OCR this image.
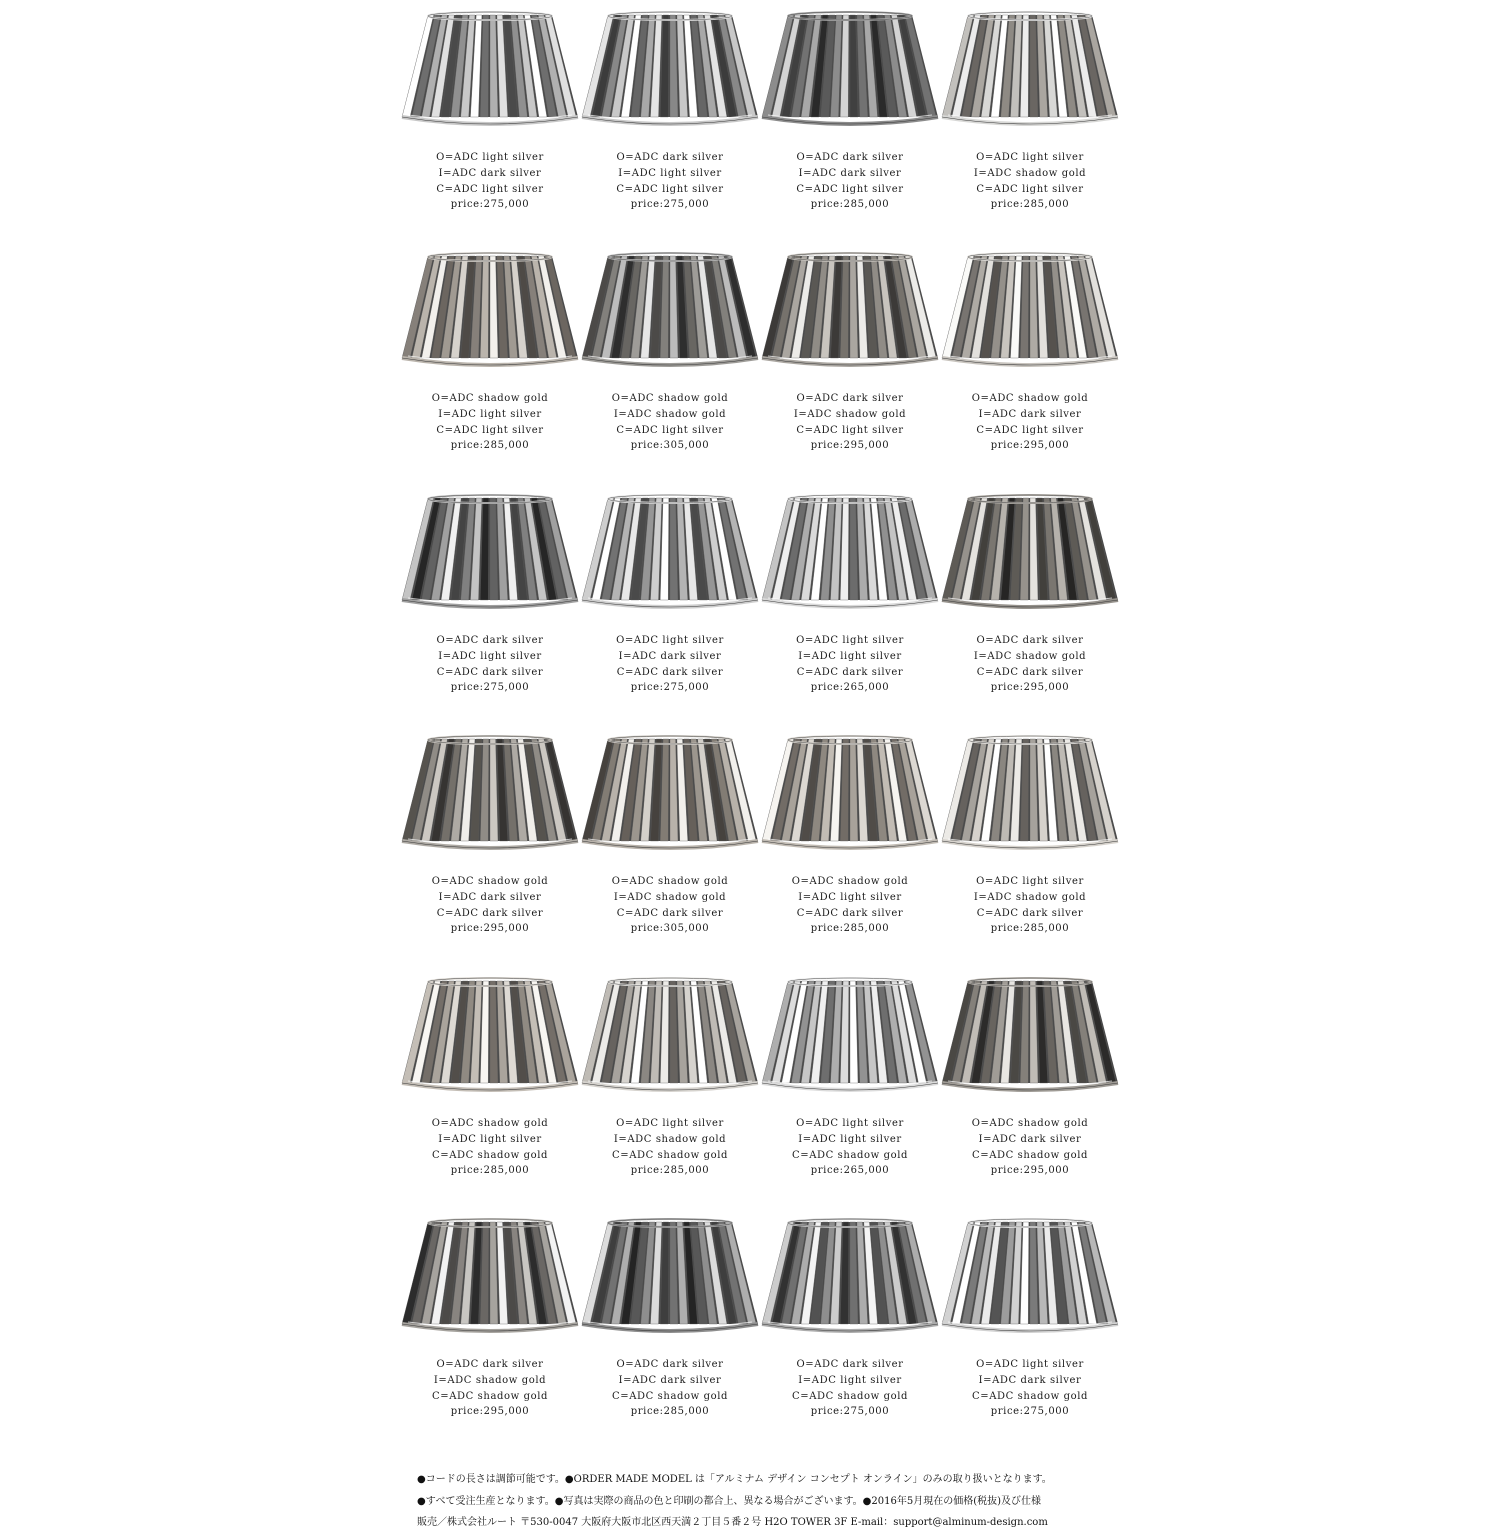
O=ADC light silver
I=ADC dark silver
C=ADC light silver
price:275,000
O=ADC dark silver
I=ADC light silver
C=ADC light silver
price:275,000
O=ADC dark silver
I=ADC dark silver
C=ADC light silver
price:285,000
O=ADC light silver
I=ADC shadow gold
C=ADC light silver
price:285,000
O=ADC shadow gold
I=ADC light silver
C=ADC light silver
price:285,000
O=ADC shadow gold
I=ADC shadow gold
C=ADC light silver
price:305,000
O=ADC dark silver
I=ADC shadow gold
C=ADC light silver
price:295,000
O=ADC shadow gold
I=ADC dark silver
C=ADC light silver
price:295,000
O=ADC dark silver
I=ADC light silver
C=ADC dark silver
price:275,000
O=ADC light silver
I=ADC dark silver
C=ADC dark silver
price:275,000
O=ADC light silver
I=ADC light silver
C=ADC dark silver
price:265,000
O=ADC dark silver
I=ADC shadow gold
C=ADC dark silver
price:295,000
O=ADC shadow gold
I=ADC dark silver
C=ADC dark silver
price:295,000
O=ADC shadow gold
I=ADC shadow gold
C=ADC dark silver
price:305,000
O=ADC shadow gold
I=ADC light silver
C=ADC dark silver
price:285,000
O=ADC light silver
I=ADC shadow gold
C=ADC dark silver
price:285,000
O=ADC shadow gold
I=ADC light silver
C=ADC shadow gold
price:285,000
O=ADC light silver
I=ADC shadow gold
C=ADC shadow gold
price:285,000
O=ADC light silver
I=ADC light silver
C=ADC shadow gold
price:265,000
O=ADC shadow gold
I=ADC dark silver
C=ADC shadow gold
price:295,000
O=ADC dark silver
I=ADC shadow gold
C=ADC shadow gold
price:295,000
O=ADC dark silver
I=ADC dark silver
C=ADC shadow gold
price:285,000
O=ADC dark silver
I=ADC light silver
C=ADC shadow gold
price:275,000
O=ADC light silver
I=ADC dark silver
C=ADC shadow gold
price:275,000
●コードの長さは調節可能です。●ORDER MADE MODEL は「アルミナム デザイン コンセプト オンライン」のみの取り扱いとなります。
●すべて受注生産となります。●写真は実際の商品の色と印刷の都合上、異なる場合がございます。●2016年5月現在の価格(税抜)及び仕様
販売／株式会社ルート 〒530-0047 大阪府大阪市北区西天満２丁目５番２号 H2O TOWER 3F E-mail：support@alminum-design.com
